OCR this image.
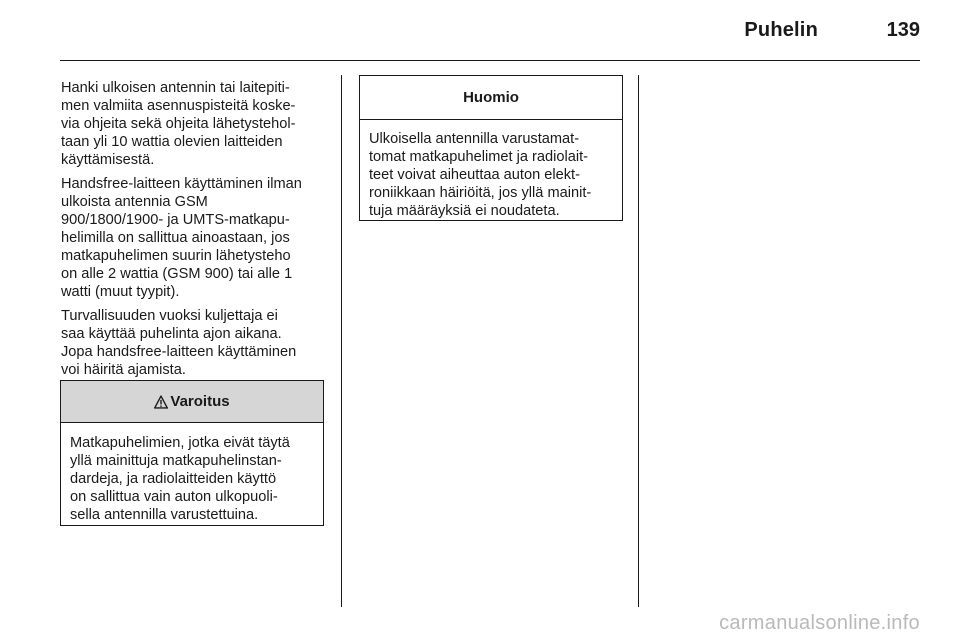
Puhelin	139

Hanki ulkoisen antennin tai laitepiti-
men valmiita asennuspisteitä koske-
via ohjeita sekä ohjeita lähetystehol-
taan yli 10 wattia olevien laitteiden
käyttämisestä.

Handsfree-laitteen käyttäminen ilman
ulkoista antennia GSM
900/1800/1900- ja UMTS-matkapu-
helimilla on sallittua ainoastaan, jos
matkapuhelimen suurin lähetysteho
on alle 2 wattia (GSM 900) tai alle 1
watti (muut tyypit).

Turvallisuuden vuoksi kuljettaja ei
saa käyttää puhelinta ajon aikana.
Jopa handsfree-laitteen käyttäminen
voi häiritä ajamista.

Varoitus
Matkapuhelimien, jotka eivät täytä
yllä mainittuja matkapuhelinstan-
dardeja, ja radiolaitteiden käyttö
on sallittua vain auton ulkopuoli-
sella antennilla varustettuina.
Huomio
Ulkoisella antennilla varustamat-
tomat matkapuhelimet ja radiolait-
teet voivat aiheuttaa auton elekt-
roniikkaan häiriöitä, jos yllä mainit-
tuja määräyksiä ei noudateta.
carmanualsonline.info
